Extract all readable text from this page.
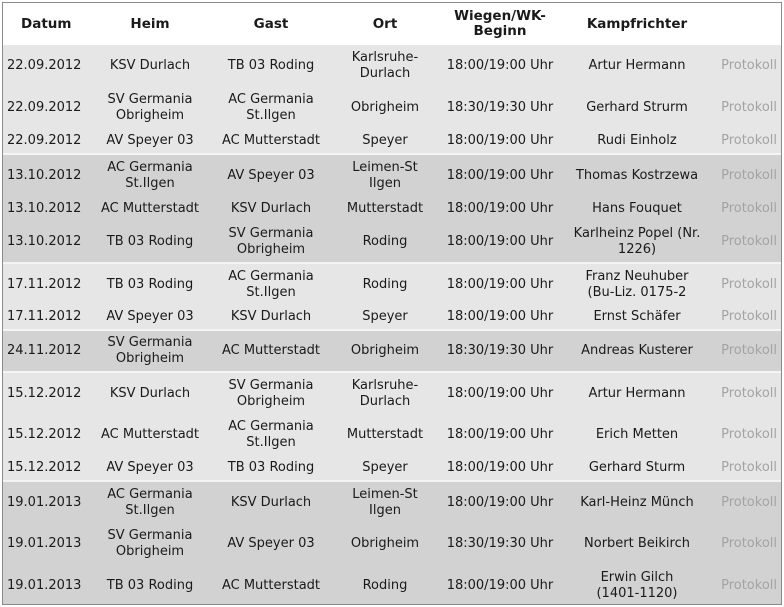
Datum	Heim	Gast	Ort	Wiegen/WK-
Beginn	Kampfrichter	
22.09.2012	KSV Durlach	TB 03 Roding	Karlsruhe-
Durlach	18:00/19:00 Uhr	Artur Hermann	Protokoll
22.09.2012	SV Germania
Obrigheim	AC Germania
St.Ilgen	Obrigheim	18:30/19:30 Uhr	Gerhard Strurm	Protokoll
22.09.2012	AV Speyer 03	AC Mutterstadt	Speyer	18:00/19:00 Uhr	Rudi Einholz	Protokoll
13.10.2012	AC Germania
St.Ilgen	AV Speyer 03	Leimen-St
Ilgen	18:00/19:00 Uhr	Thomas Kostrzewa	Protokoll
13.10.2012	AC Mutterstadt	KSV Durlach	Mutterstadt	18:00/19:00 Uhr	Hans Fouquet	Protokoll
13.10.2012	TB 03 Roding	SV Germania
Obrigheim	Roding	18:00/19:00 Uhr	Karlheinz Popel (Nr.
1226)	Protokoll
17.11.2012	TB 03 Roding	AC Germania
St.Ilgen	Roding	18:00/19:00 Uhr	Franz Neuhuber
(Bu-Liz. 0175-2	Protokoll
17.11.2012	AV Speyer 03	KSV Durlach	Speyer	18:00/19:00 Uhr	Ernst Schäfer	Protokoll
24.11.2012	SV Germania
Obrigheim	AC Mutterstadt	Obrigheim	18:30/19:30 Uhr	Andreas Kusterer	Protokoll
15.12.2012	KSV Durlach	SV Germania
Obrigheim	Karlsruhe-
Durlach	18:00/19:00 Uhr	Artur Hermann	Protokoll
15.12.2012	AC Mutterstadt	AC Germania
St.Ilgen	Mutterstadt	18:00/19:00 Uhr	Erich Metten	Protokoll
15.12.2012	AV Speyer 03	TB 03 Roding	Speyer	18:00/19:00 Uhr	Gerhard Sturm	Protokoll
19.01.2013	AC Germania
St.Ilgen	KSV Durlach	Leimen-St
Ilgen	18:00/19:00 Uhr	Karl-Heinz Münch	Protokoll
19.01.2013	SV Germania
Obrigheim	AV Speyer 03	Obrigheim	18:30/19:30 Uhr	Norbert Beikirch	Protokoll
19.01.2013	TB 03 Roding	AC Mutterstadt	Roding	18:00/19:00 Uhr	Erwin Gilch
(1401-1120)	Protokoll
